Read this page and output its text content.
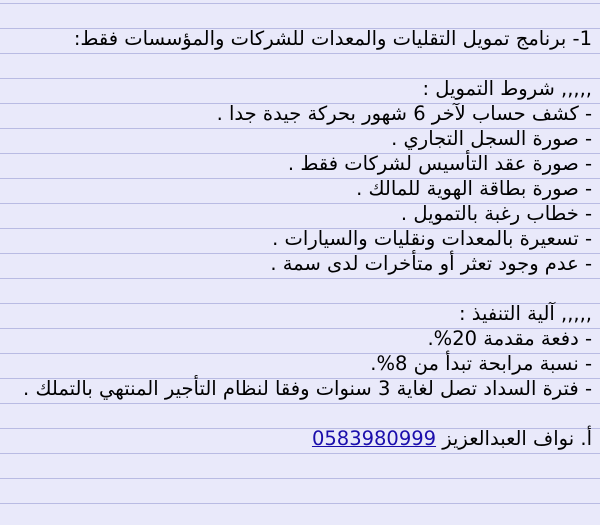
1- برنامج تمويل التقليات والمعدات للشركات والمؤسسات فقط:
,,,,, شروط التمويل :
- كشف حساب لآخر 6 شهور بحركة جيدة جدا .
- صورة السجل التجاري .
- صورة عقد التأسيس لشركات فقط .
- صورة بطاقة الهوية للمالك .
- خطاب رغبة بالتمويل .
- تسعيرة بالمعدات ونقليات والسيارات .
- عدم وجود تعثر أو متأخرات لدى سمة .
,,,,, آلية التنفيذ :
- دفعة مقدمة 20%.
- نسبة مرابحة تبدأ من 8%.
- فترة السداد تصل لغاية 3 سنوات وفقا لنظام التأجير المنتهي بالتملك .
أ. نواف العبدالعزيز 0583980999
